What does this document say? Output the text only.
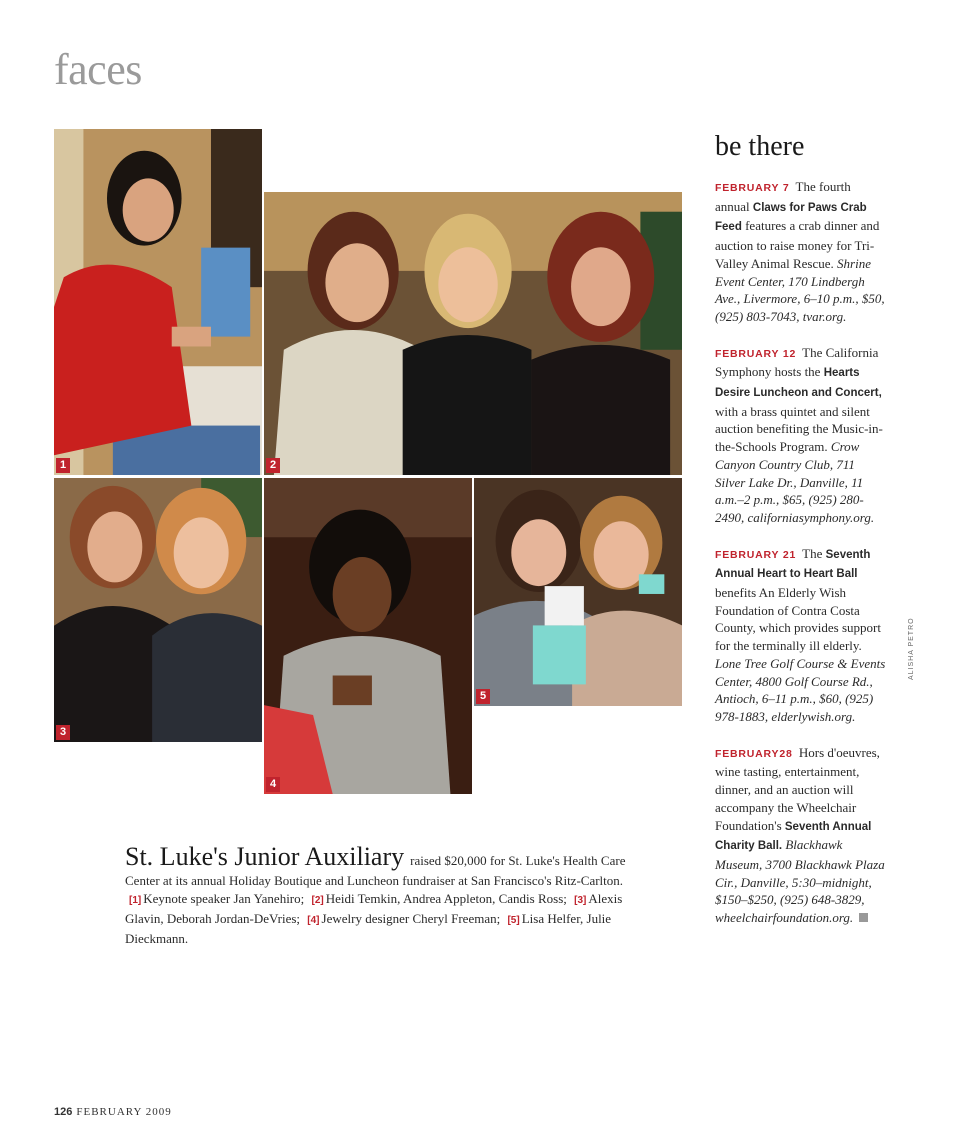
faces
1	2
3
4
5
St. Luke's Junior Auxiliary raised $20,000 for St. Luke's Health Care Center at its annual Holiday Boutique and Luncheon fundraiser at San Francisco's Ritz-Carlton. [1] Keynote speaker Jan Yanehiro; [2] Heidi Temkin, Andrea Appleton, Candis Ross; [3] Alexis Glavin, Deborah Jordan-DeVries; [4] Jewelry designer Cheryl Freeman; [5] Lisa Helfer, Julie Dieckmann.
be there
FEBRUARY 7 The fourth annual Claws for Paws Crab Feed features a crab dinner and auction to raise money for Tri-Valley Animal Rescue. Shrine Event Center, 170 Lindbergh Ave., Livermore, 6–10 p.m., $50, (925) 803-7043, tvar.org.
FEBRUARY 12 The California Symphony hosts the Hearts Desire Luncheon and Concert, with a brass quintet and silent auction benefiting the Music-in-the-Schools Program. Crow Canyon Country Club, 711 Silver Lake Dr., Danville, 11 a.m.–2 p.m., $65, (925) 280-2490, californiasymphony.org.
FEBRUARY 21 The Seventh Annual Heart to Heart Ball benefits An Elderly Wish Foundation of Contra Costa County, which provides support for the terminally ill elderly. Lone Tree Golf Course & Events Center, 4800 Golf Course Rd., Antioch, 6–11 p.m., $60, (925) 978-1883, elderlywish.org.
FEBRUARY28 Hors d'oeuvres, wine tasting, entertainment, dinner, and an auction will accompany the Wheelchair Foundation's Seventh Annual Charity Ball. Blackhawk Museum, 3700 Blackhawk Plaza Cir., Danville, 5:30–midnight, $150–$250, (925) 648-3829, wheelchairfoundation.org.
ALISHA PETRO
126 FEBRUARY 2009
